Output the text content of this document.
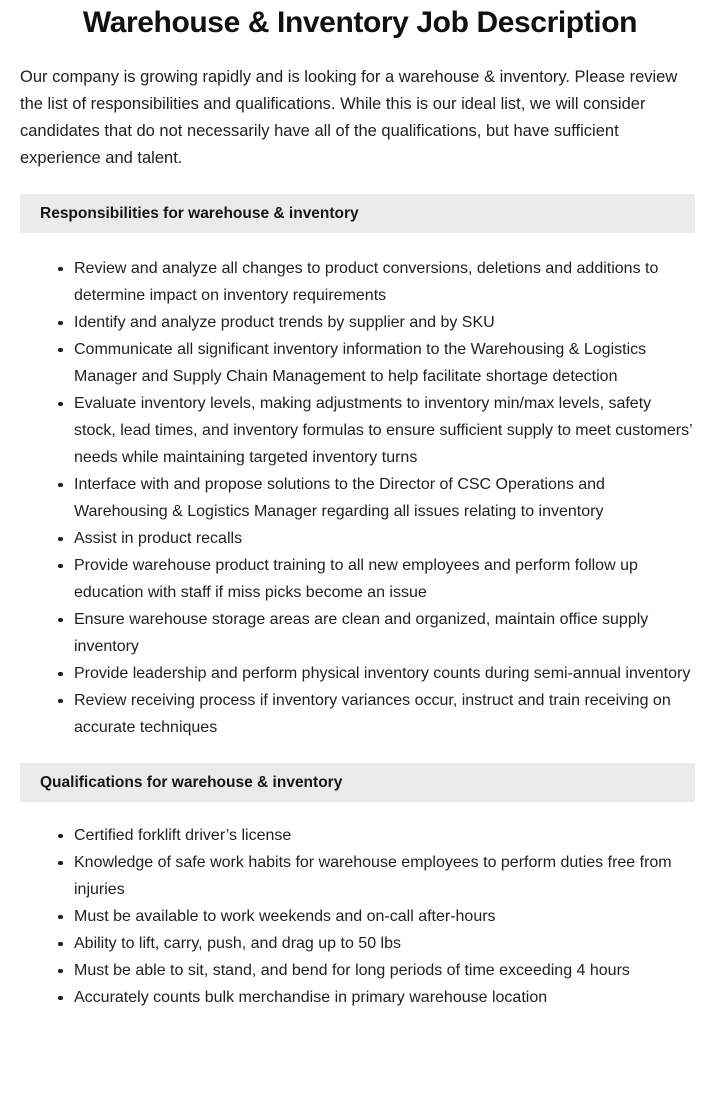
Warehouse & Inventory Job Description

Our company is growing rapidly and is looking for a warehouse & inventory. Please review the list of responsibilities and qualifications. While this is our ideal list, we will consider candidates that do not necessarily have all of the qualifications, but have sufficient experience and talent.

Responsibilities for warehouse & inventory
Review and analyze all changes to product conversions, deletions and additions to determine impact on inventory requirements
Identify and analyze product trends by supplier and by SKU
Communicate all significant inventory information to the Warehousing & Logistics Manager and Supply Chain Management to help facilitate shortage detection
Evaluate inventory levels, making adjustments to inventory min/max levels, safety stock, lead times, and inventory formulas to ensure sufficient supply to meet customers’ needs while maintaining targeted inventory turns
Interface with and propose solutions to the Director of CSC Operations and Warehousing & Logistics Manager regarding all issues relating to inventory
Assist in product recalls
Provide warehouse product training to all new employees and perform follow up education with staff if miss picks become an issue
Ensure warehouse storage areas are clean and organized, maintain office supply inventory
Provide leadership and perform physical inventory counts during semi-annual inventory
Review receiving process if inventory variances occur, instruct and train receiving on accurate techniques
Qualifications for warehouse & inventory
Certified forklift driver’s license
Knowledge of safe work habits for warehouse employees to perform duties free from injuries
Must be available to work weekends and on-call after-hours
Ability to lift, carry, push, and drag up to 50 lbs
Must be able to sit, stand, and bend for long periods of time exceeding 4 hours
Accurately counts bulk merchandise in primary warehouse location
